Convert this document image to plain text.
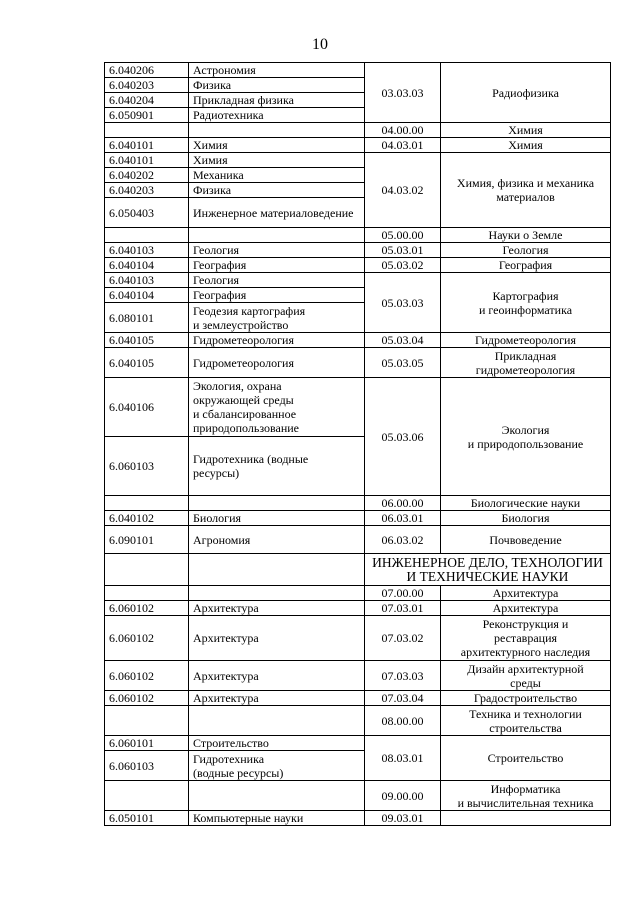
10
6.040206	Астрономия	03.03.03	Радиофизика
6.040203	Физика		
6.040204	Прикладная физика		
6.050901	Радиотехника		
		04.00.00	Химия
6.040101	Химия	04.03.01	Химия
6.040101	Химия	04.03.02	Химия, физика и механика материалов
6.040202	Механика		
6.040203	Физика		
6.050403	Инженерное материаловедение		
		05.00.00	Науки о Земле
6.040103	Геология	05.03.01	Геология
6.040104	География	05.03.02	География
6.040103	Геология	05.03.03	Картография
и геоинформатика
6.040104	География		
6.080101	Геодезия картография
и землеустройство		
6.040105	Гидрометеорология	05.03.04	Гидрометеорология
6.040105	Гидрометеорология	05.03.05	Прикладная
гидрометеорология
6.040106	Экология, охрана
окружающей среды
и сбалансированное
природопользование	05.03.06	Экология
и природопользование
6.060103	Гидротехника (водные
ресурсы)		
		06.00.00	Биологические науки
6.040102	Биология	06.03.01	Биология
6.090101	Агрономия	06.03.02	Почвоведение
		ИНЖЕНЕРНОЕ ДЕЛО, ТЕХНОЛОГИИ
И ТЕХНИЧЕСКИЕ НАУКИ	
		07.00.00	Архитектура
6.060102	Архитектура	07.03.01	Архитектура
6.060102	Архитектура	07.03.02	Реконструкция и
реставрация
архитектурного наследия
6.060102	Архитектура	07.03.03	Дизайн архитектурной
среды
6.060102	Архитектура	07.03.04	Градостроительство
		08.00.00	Техника и технологии
строительства
6.060101	Строительство	08.03.01	Строительство
6.060103	Гидротехника
(водные ресурсы)		
		09.00.00	Информатика
и вычислительная техника
6.050101	Компьютерные науки	09.03.01	
